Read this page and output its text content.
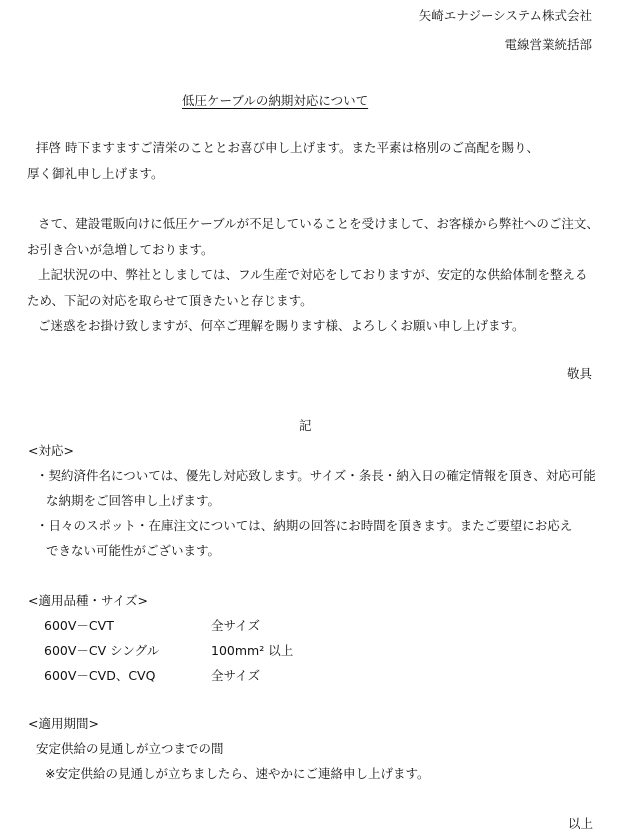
矢崎エナジーシステム株式会社
電線営業統括部
低圧ケーブルの納期対応について
拝啓 時下ますますご清栄のこととお喜び申し上げます。また平素は格別のご高配を賜り、
厚く御礼申し上げます。
さて、建設電販向けに低圧ケーブルが不足していることを受けまして、お客様から弊社へのご注文、
お引き合いが急増しております。
上記状況の中、弊社としましては、フル生産で対応をしておりますが、安定的な供給体制を整える
ため、下記の対応を取らせて頂きたいと存じます。
ご迷惑をお掛け致しますが、何卒ご理解を賜ります様、よろしくお願い申し上げます。
敬具
記
<対応>
・契約済件名については、優先し対応致します。サイズ・条長・納入日の確定情報を頂き、対応可能
な納期をご回答申し上げます。
・日々のスポット・在庫注文については、納期の回答にお時間を頂きます。またご要望にお応え
できない可能性がございます。
<適用品種・サイズ>
600V－CVT	全サイズ
600V－CV シングル	100mm² 以上
600V－CVD、CVQ	全サイズ
<適用期間>
安定供給の見通しが立つまでの間
※安定供給の見通しが立ちましたら、速やかにご連絡申し上げます。
以上
